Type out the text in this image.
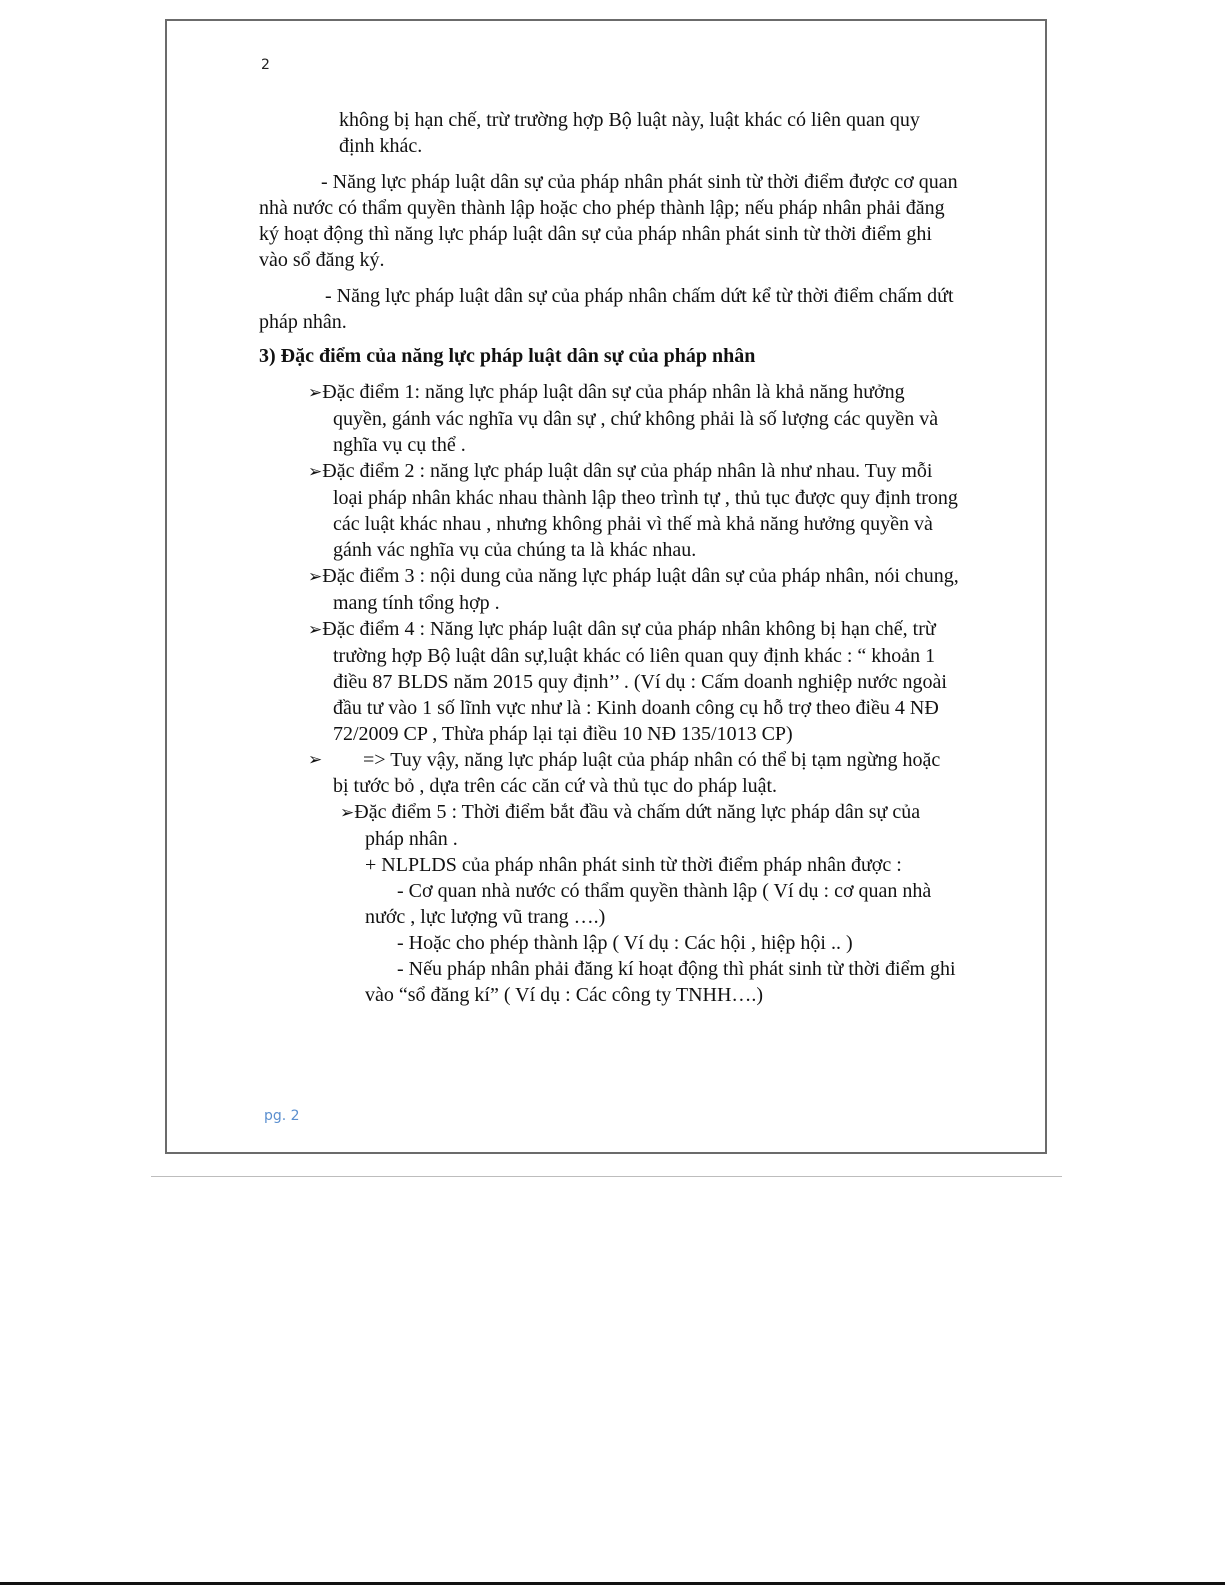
2

không bị hạn chế, trừ trường hợp Bộ luật này, luật khác có liên quan quy định khác.

- Năng lực pháp luật dân sự của pháp nhân phát sinh từ thời điểm được cơ quan nhà nước có thẩm quyền thành lập hoặc cho phép thành lập; nếu pháp nhân phải đăng ký hoạt động thì năng lực pháp luật dân sự của pháp nhân phát sinh từ thời điểm ghi vào sổ đăng ký.

- Năng lực pháp luật dân sự của pháp nhân chấm dứt kể từ thời điểm chấm dứt pháp nhân.

3) Đặc điểm của năng lực pháp luật dân sự của pháp nhân

➢Đặc điểm 1: năng lực pháp luật dân sự của pháp nhân là khả năng hưởng quyền, gánh vác nghĩa vụ dân sự , chứ không phải là số lượng các quyền và nghĩa vụ cụ thể .
➢Đặc điểm 2 : năng lực pháp luật dân sự của pháp nhân là như nhau. Tuy mỗi loại pháp nhân khác nhau thành lập theo trình tự , thủ tục được quy định trong các luật khác nhau , nhưng không phải vì thế mà khả năng hưởng quyền và gánh vác nghĩa vụ của chúng ta là khác nhau.
➢Đặc điểm 3 : nội dung của năng lực pháp luật dân sự của pháp nhân, nói chung, mang tính tổng hợp .
➢Đặc điểm 4 : Năng lực pháp luật dân sự của pháp nhân không bị hạn chế, trừ trường hợp Bộ luật dân sự,luật khác có liên quan quy định khác : “ khoản 1 điều 87 BLDS năm 2015 quy định’’ . (Ví dụ : Cấm doanh nghiệp nước ngoài đầu tư vào 1 số lĩnh vực như là : Kinh doanh công cụ hỗ trợ theo điều 4 NĐ 72/2009 CP , Thừa pháp lại tại điều 10 NĐ 135/1013 CP)
➢ => Tuy vậy, năng lực pháp luật của pháp nhân có thể bị tạm ngừng hoặc bị tước bỏ , dựa trên các căn cứ và thủ tục do pháp luật.

➢Đặc điểm 5 : Thời điểm bắt đầu và chấm dứt năng lực pháp dân sự của pháp nhân .

+ NLPLDS của pháp nhân phát sinh từ thời điểm pháp nhân được :

- Cơ quan nhà nước có thẩm quyền thành lập ( Ví dụ : cơ quan nhà nước , lực lượng vũ trang ….)

- Hoặc cho phép thành lập ( Ví dụ : Các hội , hiệp hội .. )

- Nếu pháp nhân phải đăng kí hoạt động thì phát sinh từ thời điểm ghi vào “sổ đăng kí” ( Ví dụ : Các công ty TNHH….)

pg. 2
